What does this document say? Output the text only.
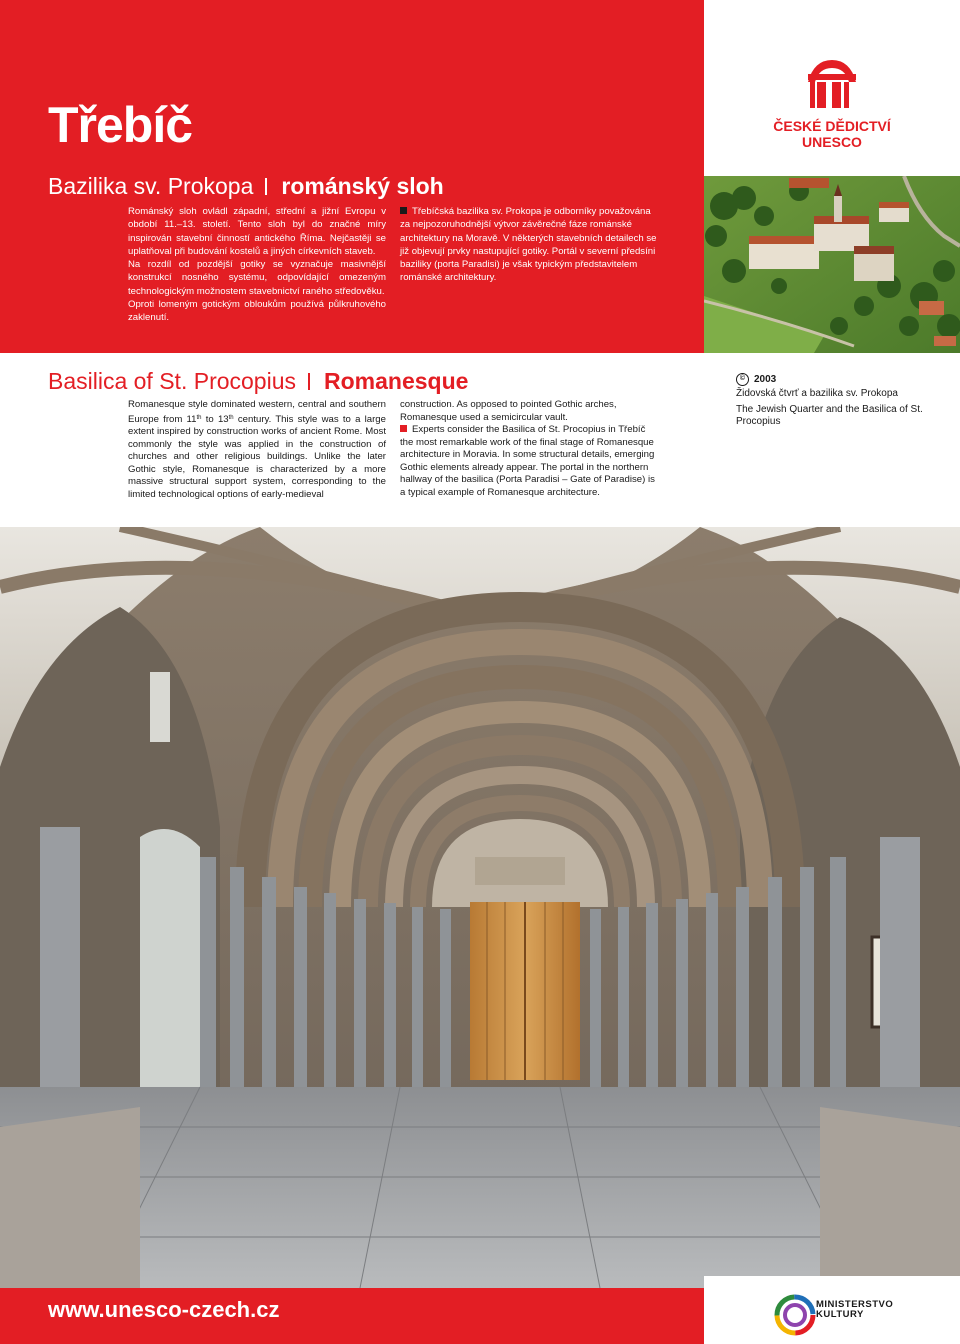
ČESKÉ DĚDICTVÍ
UNESCO
Třebíč
Bazilika sv. Prokopa románský sloh

Románský sloh ovládl západní, střední a jižní Evropu v období 11.–13. století. Tento sloh byl do značné míry inspirován stavební činností antického Říma. Nejčastěji se uplatňoval při budování kostelů a jiných církevních staveb.

Na rozdíl od pozdější gotiky se vyznačuje masivnější konstrukcí nosného systému, odpovídající omezeným technologickým možnostem stavebnictví raného středověku.

Oproti lomeným gotickým obloukům používá půlkruhového zaklenutí.

Třebíčská bazilika sv. Prokopa je odborníky považována za nejpozoruhodnější výtvor závěrečné fáze románské architektury na Moravě. V některých stavebních detailech se již objevují prvky nastupující gotiky. Portál v severní předsíni baziliky (porta Paradisi) je však typickým představitelem románské architektury.

Basilica of St. Procopius Romanesque

Romanesque style dominated western, central and southern Europe from 11th to 13th century. This style was to a large extent inspired by construction works of ancient Rome. Most commonly the style was applied in the construction of churches and other religious buildings. Unlike the later Gothic style, Romanesque is characterized by a more massive structural support system, corresponding to the limited technological options of early-medieval

construction. As opposed to pointed Gothic arches, Romanesque used a semicircular vault.

Experts consider the Basilica of St. Procopius in Třebíč the most remarkable work of the final stage of Romanesque architecture in Moravia. In some structural details, emerging Gothic elements already appear. The portal in the northern hallway of the basilica (Porta Paradisi – Gate of Paradise) is a typical example of Romanesque architecture.

© 2003
Židovská čtvrť a bazilika sv. Prokopa
The Jewish Quarter and the Basilica of St. Procopius
www.unesco-czech.cz	MINISTERSTVO
KULTURY
